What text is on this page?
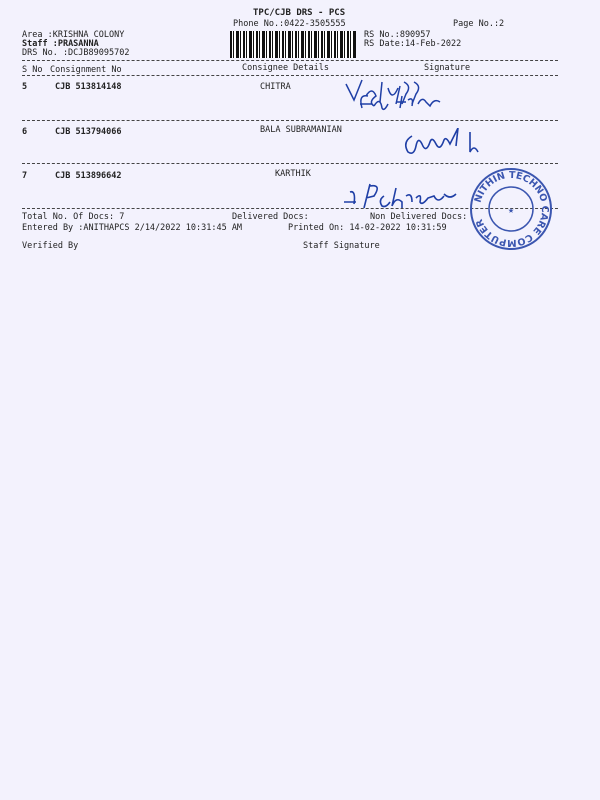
TPC/CJB DRS - PCS
Phone No.:0422-3505555	Page No.:2
Area :KRISHNA COLONY
Staff :PRASANNA
DRS No. :DCJB89095702
RS No.:890957
RS Date:14-Feb-2022
S No Consignment No	Consignee Details	Signature
5	CJB 513814148	CHITRA
6	CJB 513794066	BALA SUBRAMANIAN
7	CJB 513896642	KARTHIK
NITHIN TECHNO CARE COMPUTER
★
Total No. Of Docs: 7	Delivered Docs:	Non Delivered Docs:
Entered By :ANITHAPCS 2/14/2022 10:31:45 AM	Printed On: 14-02-2022 10:31:59
Verified By	Staff Signature
